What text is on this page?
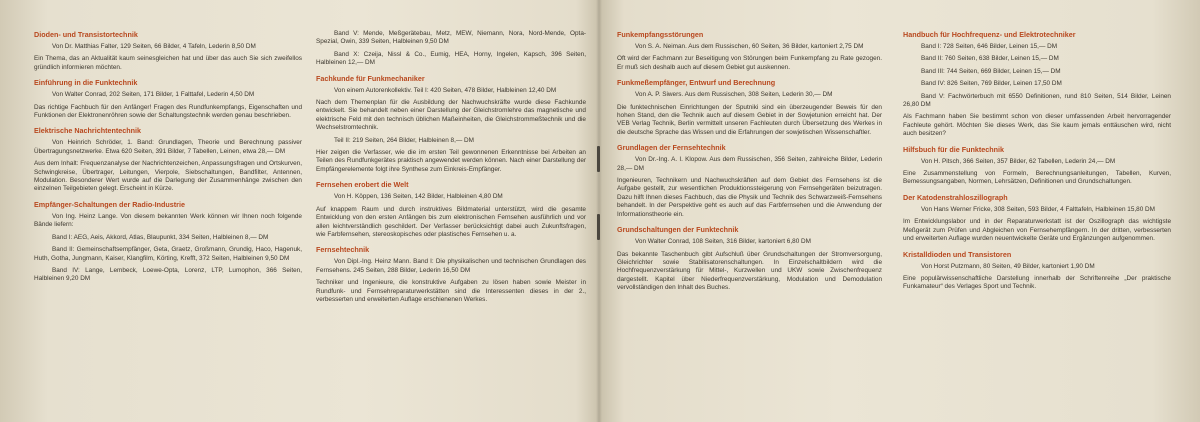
Dioden- und Transistortechnik

Von Dr. Matthias Falter, 129 Seiten, 66 Bilder, 4 Tafeln, Lederin 8,50 DM

Ein Thema, das an Aktualität kaum seinesgleichen hat und über das auch Sie sich zweifellos gründlich informieren möchten.

Einführung in die Funktechnik

Von Walter Conrad, 202 Seiten, 171 Bilder, 1 Falttafel, Lederin 4,50 DM

Das richtige Fachbuch für den Anfänger! Fragen des Rundfunkempfangs, Eigenschaften und Funktionen der Elektronenröhren sowie der Schaltungstechnik werden genau beschrieben.

Elektrische Nachrichtentechnik

Von Heinrich Schröder, 1. Band: Grundlagen, Theorie und Berechnung passiver Übertragungsnetzwerke. Etwa 620 Seiten, 391 Bilder, 7 Tabellen, Leinen, etwa 28,— DM

Aus dem Inhalt: Frequenzanalyse der Nachrichtenzeichen, Anpassungsfragen und Ortskurven, Schwingkreise, Übertrager, Leitungen, Vierpole, Siebschaltungen, Bandfilter, Antennen, Modulation. Besonderer Wert wurde auf die Darlegung der Zusammenhänge zwischen den einzelnen Teilgebieten gelegt. Erscheint in Kürze.

Empfänger-Schaltungen der Radio-Industrie

Von Ing. Heinz Lange. Von diesem bekannten Werk können wir Ihnen noch folgende Bände liefern:

Band I: AEG, Aeis, Akkord, Atlas, Blaupunkt, 334 Seiten, Halbleinen 8,— DM

Band II: Gemeinschaftsempfänger, Geta, Graetz, Großmann, Grundig, Haco, Hagenuk, Huth, Gotha, Jungmann, Kaiser, Klangfilm, Körting, Krefft, 372 Seiten, Halbleinen 9,50 DM

Band IV: Lange, Lembeck, Loewe-Opta, Lorenz, LTP, Lumophon, 366 Seiten, Halbleinen 9,20 DM

Band V: Mende, Meßgerätebau, Metz, MEW, Niemann, Nora, Nord-Mende, Opta-Spezial, Owin, 339 Seiten, Halbleinen 9,50 DM

Band X: Czeija, Nissl & Co., Eumig, HEA, Horny, Ingelen, Kapsch, 396 Seiten, Halbleinen 12,— DM

Fachkunde für Funkmechaniker

Von einem Autorenkollektiv. Teil I: 420 Seiten, 478 Bilder, Halbleinen 12,40 DM

Nach dem Themenplan für die Ausbildung der Nachwuchskräfte wurde diese Fachkunde entwickelt. Sie behandelt neben einer Darstellung der Gleichstromlehre das magnetische und elektrische Feld mit den technisch üblichen Maßeinheiten, die Gleichstrommeßtechnik und die Wechselstromtechnik.

Teil II: 219 Seiten, 264 Bilder, Halbleinen 8,— DM

Hier zeigen die Verfasser, wie die im ersten Teil gewonnenen Erkenntnisse bei Arbeiten an Teilen des Rundfunkgerätes praktisch angewendet werden können. Nach einer Darstellung der Empfängerelemente folgt ihre Synthese zum Einkreis-Empfänger.

Fernsehen erobert die Welt

Von H. Köppen, 136 Seiten, 142 Bilder, Halbleinen 4,80 DM

Auf knappem Raum und durch instruktives Bildmaterial unterstützt, wird die gesamte Entwicklung von den ersten Anfängen bis zum elektronischen Fernsehen ausführlich und vor allen leichtverständlich geschildert. Der Verfasser berücksichtigt dabei auch Zukunftsfragen, wie Farbfernsehen, stereoskopisches oder plastisches Fernsehen u. a.

Fernsehtechnik

Von Dipl.-Ing. Heinz Mann. Band I: Die physikalischen und technischen Grundlagen des Fernsehens. 245 Seiten, 288 Bilder, Lederin 16,50 DM

Techniker und Ingenieure, die konstruktive Aufgaben zu lösen haben sowie Meister in Rundfunk- und Fernsehreparaturwerkstätten sind die Interessenten dieses in der 2., verbesserten und erweiterten Auflage erschienenen Werkes.

Funkempfangsstörungen

Von S. A. Neiman. Aus dem Russischen, 60 Seiten, 36 Bilder, kartoniert 2,75 DM

Oft wird der Fachmann zur Beseitigung von Störungen beim Funkempfang zu Rate gezogen. Er muß sich deshalb auch auf diesem Gebiet gut auskennen.

Funkmeßempfänger, Entwurf und Berechnung

Von A. P. Siwers. Aus dem Russischen, 308 Seiten, Lederin 30,— DM

Die funktechnischen Einrichtungen der Sputniki sind ein überzeugender Beweis für den hohen Stand, den die Technik auch auf diesem Gebiet in der Sowjetunion erreicht hat. Der VEB Verlag Technik, Berlin vermittelt unseren Fachleuten durch Übersetzung des Werkes in die deutsche Sprache das Wissen und die Erfahrungen der sowjetischen Wissenschaftler.

Grundlagen der Fernsehtechnik

Von Dr.-Ing. A. I. Klopow. Aus dem Russischen, 356 Seiten, zahlreiche Bilder, Lederin 28,— DM

Ingenieuren, Technikern und Nachwuchskräften auf dem Gebiet des Fernsehens ist die Aufgabe gestellt, zur wesentlichen Produktionssteigerung von Fernsehgeräten beizutragen. Dazu hilft Ihnen dieses Fachbuch, das die Physik und Technik des Schwarzweiß-Fernsehens behandelt. In der Perspektive geht es auch auf das Farbfernsehen und die Anwendung der Informationstheorie ein.

Grundschaltungen der Funktechnik

Von Walter Conrad, 108 Seiten, 316 Bilder, kartoniert 6,80 DM

Das bekannte Taschenbuch gibt Aufschluß über Grundschaltungen der Stromversorgung, Gleichrichter sowie Stabilisatorenschaltungen. In Einzelschaltbildern wird die Hochfrequenzverstärkung für Mittel-, Kurzwellen und UKW sowie Zwischenfrequenz dargestellt. Kapitel über Niederfrequenzverstärkung, Modulation und Demodulation vervollständigen den Inhalt des Buches.

Handbuch für Hochfrequenz- und Elektrotechniker

Band I: 728 Seiten, 646 Bilder, Leinen 15,— DM

Band II: 760 Seiten, 638 Bilder, Leinen 15,— DM

Band III: 744 Seiten, 669 Bilder, Leinen 15,— DM

Band IV: 826 Seiten, 769 Bilder, Leinen 17,50 DM

Band V: Fachwörterbuch mit 6550 Definitionen, rund 810 Seiten, 514 Bilder, Leinen 26,80 DM

Als Fachmann haben Sie bestimmt schon von dieser umfassenden Arbeit hervorragender Fachleute gehört. Möchten Sie dieses Werk, das Sie kaum jemals enttäuschen wird, nicht auch besitzen?

Hilfsbuch für die Funktechnik

Von H. Pitsch, 366 Seiten, 357 Bilder, 62 Tabellen, Lederin 24,— DM

Eine Zusammenstellung von Formeln, Berechnungsanleitungen, Tabellen, Kurven, Bemessungsangaben, Normen, Lehrsätzen, Definitionen und Grundschaltungen.

Der Katodenstrahloszillograph

Von Hans Werner Fricke, 308 Seiten, 593 Bilder, 4 Falttafeln, Halbleinen 15,80 DM

Im Entwicklungslabor und in der Reparaturwerkstatt ist der Oszillograph das wichtigste Meßgerät zum Prüfen und Abgleichen von Fernsehempfängern. In der dritten, verbesserten und erweiterten Auflage wurden neuentwickelte Geräte und Ergänzungen aufgenommen.

Kristalldioden und Transistoren

Von Horst Putzmann, 80 Seiten, 49 Bilder, kartoniert 1,90 DM

Eine populärwissenschaftliche Darstellung innerhalb der Schriftenreihe „Der praktische Funkamateur“ des Verlages Sport und Technik.
